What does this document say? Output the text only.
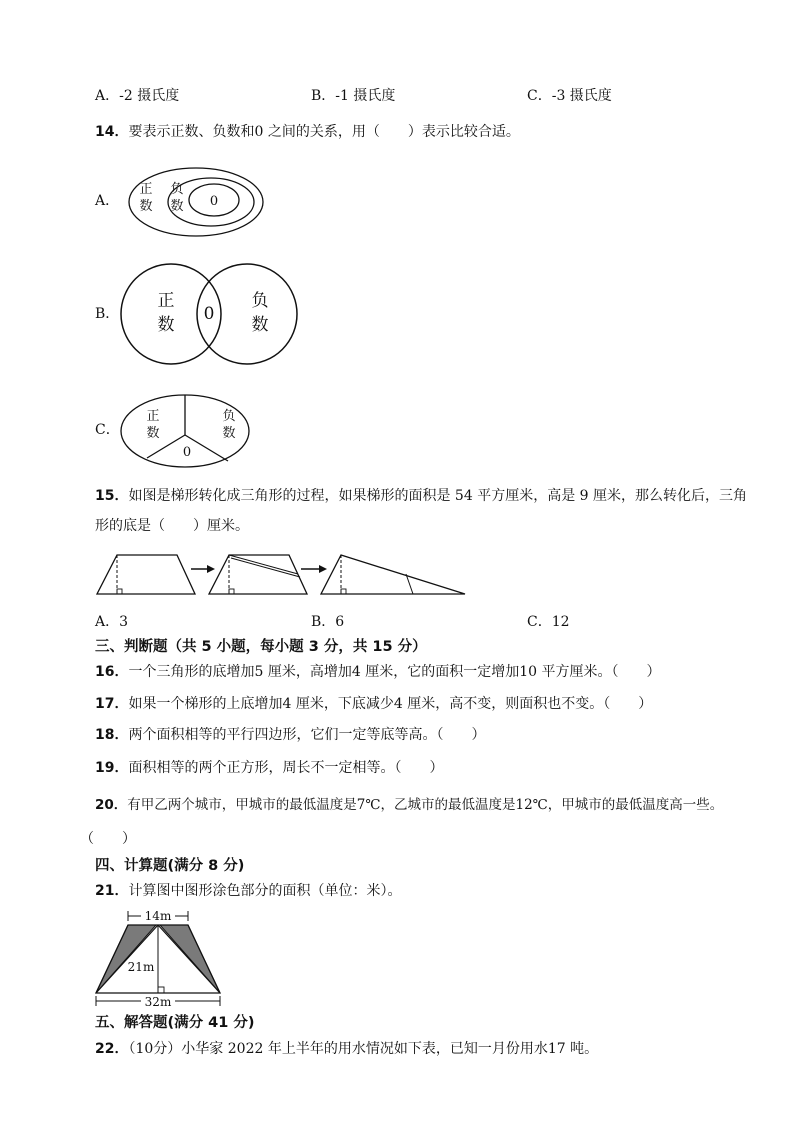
A．-2 摄氏度	B．-1 摄氏度	C．-3 摄氏度
14．要表示正数、负数和0 之间的关系，用（　　）表示比较合适。
A．
正
数
负
数 0
B．
正
数
0
负
数
C．
正
数
负
数
0
15．如图是梯形转化成三角形的过程，如果梯形的面积是 54 平方厘米，高是 9 厘米，那么转化后，三角
形的底是（　　）厘米。
A．3	B．6	C．12
三、判断题（共 5 小题，每小题 3 分，共 15 分）
16．一个三角形的底增加5 厘米，高增加4 厘米，它的面积一定增加10 平方厘米。（　　）
17．如果一个梯形的上底增加4 厘米，下底减少4 厘米，高不变，则面积也不变。（　　）
18．两个面积相等的平行四边形，它们一定等底等高。（　　）
19．面积相等的两个正方形，周长不一定相等。（　　）
20．有甲乙两个城市，甲城市的最低温度是7℃，乙城市的最低温度是12℃，甲城市的最低温度高一些。
（　　）
四、计算题(满分 8 分)
21．计算图中图形涂色部分的面积（单位：米）。
14m
21m
32m
五、解答题(满分 41 分)
22．（10分）小华家 2022 年上半年的用水情况如下表，已知一月份用水17 吨。
